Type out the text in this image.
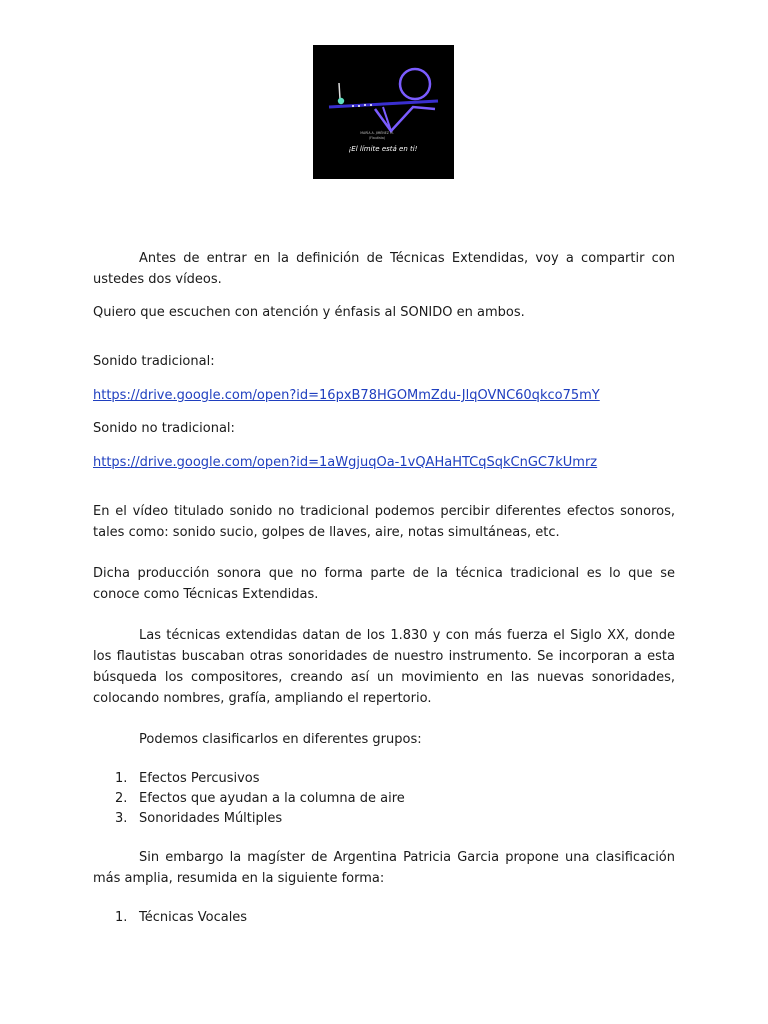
MARÍA A. JIMÉNEZ M.
(Flautista)
¡El límite está en ti!

Antes de entrar en la definición de Técnicas Extendidas, voy a compartir con ustedes dos vídeos.

Quiero que escuchen con atención y énfasis al SONIDO en ambos.

Sonido tradicional:

https://drive.google.com/open?id=16pxB78HGOMmZdu-JlqOVNC60qkco75mY

Sonido no tradicional:

https://drive.google.com/open?id=1aWgjuqOa-1vQAHaHTCqSqkCnGC7kUmrz

En el vídeo titulado sonido no tradicional podemos percibir diferentes efectos sonoros, tales como: sonido sucio, golpes de llaves, aire, notas simultáneas, etc.

Dicha producción sonora que no forma parte de la técnica tradicional es lo que se conoce como Técnicas Extendidas.

Las técnicas extendidas datan de los 1.830 y con más fuerza el Siglo XX, donde los flautistas buscaban otras sonoridades de nuestro instrumento. Se incorporan a esta búsqueda los compositores, creando así un movimiento en las nuevas sonoridades, colocando nombres, grafía, ampliando el repertorio.

Podemos clasificarlos en diferentes grupos:

1. Efectos Percusivos
2. Efectos que ayudan a la columna de aire
3. Sonoridades Múltiples

Sin embargo la magíster de Argentina Patricia Garcia propone una clasificación más amplia, resumida en la siguiente forma:

1. Técnicas Vocales
